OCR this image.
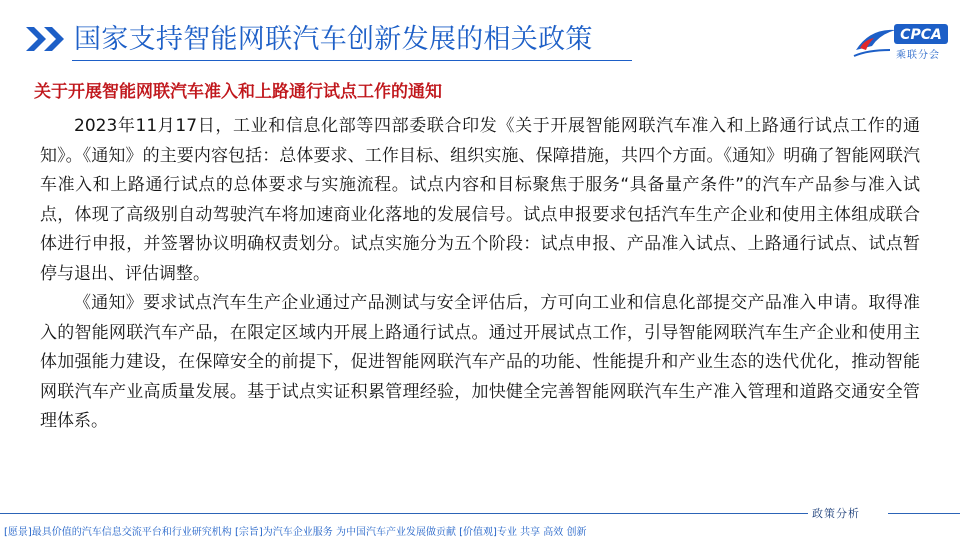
国家支持智能网联汽车创新发展的相关政策	CPCA
乘联分会
关于开展智能网联汽车准入和上路通行试点工作的通知

2023年11月17日，工业和信息化部等四部委联合印发《关于开展智能网联汽车准入和上路通行试点工作的通知》。《通知》的主要内容包括：总体要求、工作目标、组织实施、保障措施，共四个方面。《通知》明确了智能网联汽车准入和上路通行试点的总体要求与实施流程。试点内容和目标聚焦于服务“具备量产条件”的汽车产品参与准入试点，体现了高级别自动驾驶汽车将加速商业化落地的发展信号。试点申报要求包括汽车生产企业和使用主体组成联合体进行申报，并签署协议明确权责划分。试点实施分为五个阶段：试点申报、产品准入试点、上路通行试点、试点暂停与退出、评估调整。

《通知》要求试点汽车生产企业通过产品测试与安全评估后，方可向工业和信息化部提交产品准入申请。取得准入的智能网联汽车产品，在限定区域内开展上路通行试点。通过开展试点工作，引导智能网联汽车生产企业和使用主体加强能力建设，在保障安全的前提下，促进智能网联汽车产品的功能、性能提升和产业生态的迭代优化，推动智能网联汽车产业高质量发展。基于试点实证积累管理经验，加快健全完善智能网联汽车生产准入管理和道路交通安全管理体系。

政策分析
[愿景]最具价值的汽车信息交流平台和行业研究机构 [宗旨]为汽车企业服务 为中国汽车产业发展做贡献 [价值观]专业 共享 高效 创新
